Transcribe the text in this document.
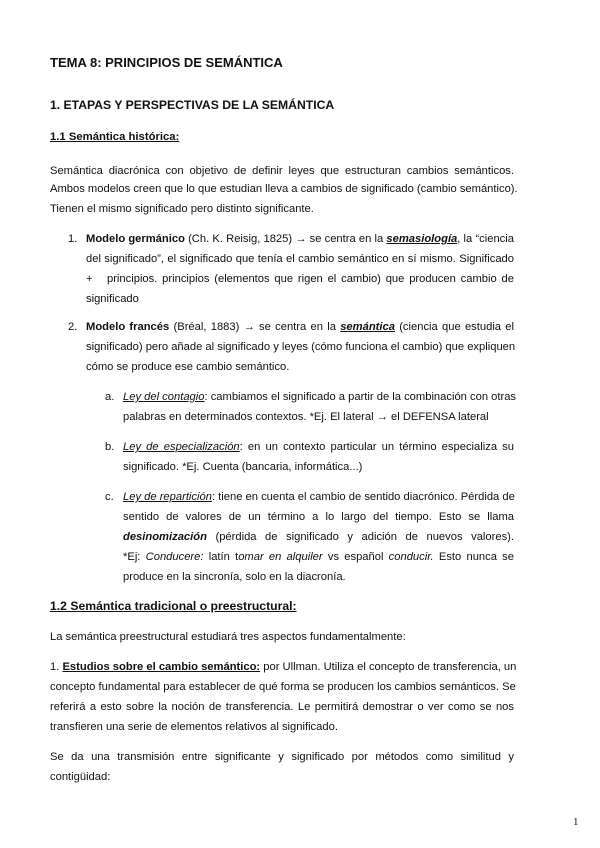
TEMA 8: PRINCIPIOS DE SEMÁNTICA
1. ETAPAS Y PERSPECTIVAS DE LA SEMÁNTICA
1.1 Semántica histórica:
Semántica diacrónica con objetivo de definir leyes que estructuran cambios semánticos.
Ambos modelos creen que lo que estudian lleva a cambios de significado (cambio semántico).
Tienen el mismo significado pero distinto significante.
1. Modelo germánico (Ch. K. Reisig, 1825) → se centra en la semasiología, la “ciencia
del significado”, el significado que tenía el cambio semántico en sí mismo. Significado
+   principios. principios (elementos que rigen el cambio) que producen cambio de
significado
2. Modelo francés (Bréal, 1883) → se centra en la semántica (ciencia que estudia el
significado) pero añade al significado y leyes (cómo funciona el cambio) que expliquen
cómo se produce ese cambio semántico.
a. Ley del contagio: cambiamos el significado a partir de la combinación con otras
palabras en determinados contextos. *Ej. El lateral → el DEFENSA lateral
b. Ley de especialización: en un contexto particular un término especializa su
significado. *Ej. Cuenta (bancaria, informática...)
c. Ley de repartición: tiene en cuenta el cambio de sentido diacrónico. Pérdida de
sentido de valores de un término a lo largo del tiempo. Esto se llama
desinomización (pérdida de significado y adición de nuevos valores).
*Ej: Conducere: latín tomar en alquiler vs español conducir. Esto nunca se
produce en la sincronía, solo en la diacronía.
1.2 Semántica tradicional o preestructural:
La semántica preestructural estudiará tres aspectos fundamentalmente:
1. Estudios sobre el cambio semántico: por Ullman. Utiliza el concepto de transferencia, un
concepto fundamental para establecer de qué forma se producen los cambios semánticos. Se
referirá a esto sobre la noción de transferencia. Le permitirá demostrar o ver como se nos
transfieren una serie de elementos relativos al significado.
Se da una transmisión entre significante y significado por métodos como similitud y
contigüidad:
1
